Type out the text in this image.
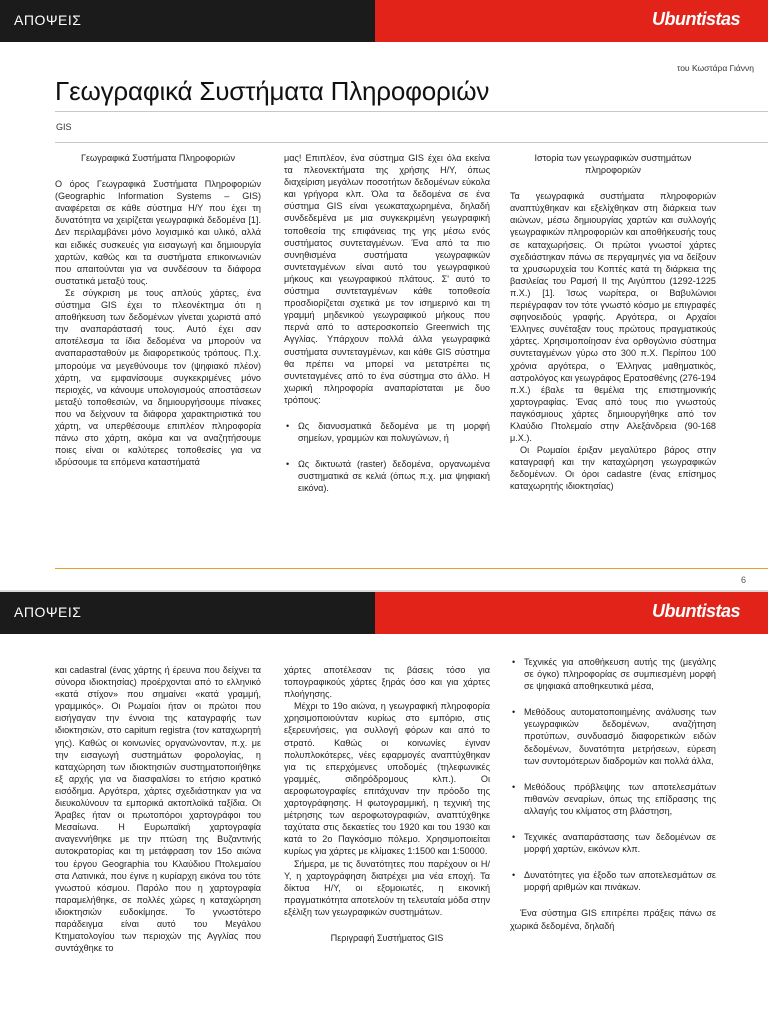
ΑΠΟΨΕΙΣ	Ubuntistas
του Κωστάρα Γιάννη
Γεωγραφικά Συστήματα Πληροφοριών
GIS

Γεωγραφικά Συστήματα Πληροφοριών

Ο όρος Γεωγραφικά Συστήματα Πληροφοριών (Geographic Information Systems – GIS) αναφέρεται σε κάθε σύστημα Η/Υ που έχει τη δυνατότητα να χειρίζεται γεωγραφικά δεδομένα [1]. Δεν περιλαμβάνει μόνο λογισμικό και υλικό, αλλά και ειδικές συσκευές για εισαγωγή και δημιουργία χαρτών, καθώς και τα συστήματα επικοινωνιών που απαιτούνται για να συνδέσουν τα διάφορα συστατικά μεταξύ τους.

Σε σύγκριση με τους απλούς χάρτες, ένα σύστημα GIS έχει το πλεονέκτημα ότι η αποθήκευση των δεδομένων γίνεται χωριστά από την αναπαράστασή τους. Αυτό έχει σαν αποτέλεσμα τα ίδια δεδομένα να μπορούν να αναπαρασταθούν με διαφορετικούς τρόπους. Π.χ. μπορούμε να μεγεθύνουμε τον (ψηφιακό πλέον) χάρτη, να εμφανίσουμε συγκεκριμένες μόνο περιοχές, να κάνουμε υπολογισμούς αποστάσεων μεταξύ τοποθεσιών, να δημιουργήσουμε πίνακες που να δείχνουν τα διάφορα χαρακτηριστικά του χάρτη, να υπερθέσουμε επιπλέον πληροφορία πάνω στο χάρτη, ακόμα και να αναζητήσουμε ποιες είναι οι καλύτερες τοποθεσίες για να ιδρύσουμε τα επόμενα καταστήματά

μας! Επιπλέον, ένα σύστημα GIS έχει όλα εκείνα τα πλεονεκτήματα της χρήσης Η/Υ, όπως διαχείριση μεγάλων ποσοτήτων δεδομένων εύκολα και γρήγορα κλπ. Όλα τα δεδομένα σε ένα σύστημα GIS είναι γεωκαταχωρημένα, δηλαδή συνδεδεμένα με μια συγκεκριμένη γεωγραφική τοποθεσία της επιφάνειας της γης μέσω ενός συστήματος συντεταγμένων. Ένα από τα πιο συνηθισμένα συστήματα γεωγραφικών συντεταγμένων είναι αυτό του γεωγραφικού μήκους και γεωγραφικού πλάτους. Σ' αυτό το σύστημα συντεταγμένων κάθε τοποθεσία προσδιορίζεται σχετικά με τον ισημερινό και τη γραμμή μηδενικού γεωγραφικού μήκους που περνά από το αστεροσκοπείο Greenwich της Αγγλίας. Υπάρχουν πολλά άλλα γεωγραφικά συστήματα συντεταγμένων, και κάθε GIS σύστημα θα πρέπει να μπορεί να μετατρέπει τις συντεταγμένες από το ένα σύστημα στο άλλο. Η χωρική πληροφορία αναπαρίσταται με δυο τρόπους:

• Ως διανυσματικά δεδομένα με τη μορφή σημείων, γραμμών και πολυγώνων, ή
• Ως δικτυωτά (raster) δεδομένα, οργανωμένα συστηματικά σε κελιά (όπως π.χ. μια ψηφιακή εικόνα).

Ιστορία των γεωγραφικών συστημάτων πληροφοριών

Τα γεωγραφικά συστήματα πληροφοριών αναπτύχθηκαν και εξελίχθηκαν στη διάρκεια των αιώνων, μέσω δημιουργίας χαρτών και συλλογής γεωγραφικών πληροφοριών και αποθήκευσής τους σε καταχωρήσεις. Οι πρώτοι γνωστοί χάρτες σχεδιάστηκαν πάνω σε περγαμηνές για να δείξουν τα χρυσωρυχεία του Κοπτές κατά τη διάρκεια της βασιλείας του Ραμσή ΙΙ της Αιγύπτου (1292-1225 π.Χ.) [1]. Ίσως νωρίτερα, οι Βαβυλώνιοι περιέγραφαν τον τότε γνωστό κόσμο με επιγραφές σφηνοειδούς γραφής. Αργότερα, οι Αρχαίοι Έλληνες συνέταξαν τους πρώτους πραγματικούς χάρτες. Χρησιμοποίησαν ένα ορθογώνιο σύστημα συντεταγμένων γύρω στο 300 π.Χ. Περίπου 100 χρόνια αργότερα, ο Έλληνας μαθηματικός, αστρολόγος και γεωγράφος Ερατοσθένης (276-194 π.Χ.) έβαλε τα θεμέλια της επιστημονικής χαρτογραφίας. Ένας από τους πιο γνωστούς παγκόσμιους χάρτες δημιουργήθηκε από τον Κλαύδιο Πτολεμαίο στην Αλεξάνδρεια (90-168 μ.Χ.).

Οι Ρωμαίοι έριξαν μεγαλύτερο βάρος στην καταγραφή και την καταχώρηση γεωγραφικών δεδομένων. Οι όροι cadastre (ένας επίσημος καταχωρητής ιδιοκτησίας)

6
ΑΠΟΨΕΙΣ	Ubuntistas

και cadastral (ένας χάρτης ή έρευνα που δείχνει τα σύνορα ιδιοκτησίας) προέρχονται από το ελληνικό «κατά στίχον» που σημαίνει «κατά γραμμή, γραμμικός». Οι Ρωμαίοι ήταν οι πρώτοι που εισήγαγαν την έννοια της καταγραφής των ιδιοκτησιών, στο capitum registra (τον καταχωρητή γης). Καθώς οι κοινωνίες οργανώνονταν, π.χ. με την εισαγωγή συστημάτων φορολογίας, η καταχώρηση των ιδιοκτησιών συστηματοποιήθηκε εξ αρχής για να διασφαλίσει το ετήσιο κρατικό εισόδημα. Αργότερα, χάρτες σχεδιάστηκαν για να διευκολύνουν τα εμπορικά ακτοπλοϊκά ταξίδια. Οι Άραβες ήταν οι πρωτοπόροι χαρτογράφοι του Μεσαίωνα. Η Ευρωπαϊκή χαρτογραφία αναγεννήθηκε με την πτώση της Βυζαντινής αυτοκρατορίας και τη μετάφραση τον 15ο αιώνα του έργου Geographia του Κλαύδιου Πτολεμαίου στα Λατινικά, που έγινε η κυρίαρχη εικόνα του τότε γνωστού κόσμου. Παρόλο που η χαρτογραφία παραμελήθηκε, σε πολλές χώρες η καταχώρηση ιδιοκτησιών ευδοκίμησε. Το γνωστότερο παράδειγμα είναι αυτό του Μεγάλου Κτηματολογίου των περιοχών της Αγγλίας που συντάχθηκε το

χάρτες αποτέλεσαν τις βάσεις τόσο για τοπογραφικούς χάρτες ξηράς όσο και για χάρτες πλοήγησης.

Μέχρι το 19ο αιώνα, η γεωγραφική πληροφορία χρησιμοποιούνταν κυρίως στο εμπόριο, στις εξερευνήσεις, για συλλογή φόρων και από το στρατό. Καθώς οι κοινωνίες έγιναν πολυπλοκότερες, νέες εφαρμογές αναπτύχθηκαν για τις επερχόμενες υποδομές (τηλεφωνικές γραμμές, σιδηρόδρομους κλπ.). Οι αεροφωτογραφίες επιτάχυναν την πρόοδο της χαρτογράφησης. Η φωτογραμμική, η τεχνική της μέτρησης των αεροφωτογραφιών, αναπτύχθηκε ταχύτατα στις δεκαετίες του 1920 και του 1930 και κατά το 2ο Παγκόσμιο πόλεμο. Χρησιμοποιείται κυρίως για χάρτες με κλίμακες 1:1500 και 1:50000.

Σήμερα, με τις δυνατότητες που παρέχουν οι Η/Υ, η χαρτογράφηση διατρέχει μια νέα εποχή. Τα δίκτυα Η/Υ, οι εξομοιωτές, η εικονική πραγματικότητα αποτελούν τη τελευταία μόδα στην εξέλιξη των γεωγραφικών συστημάτων.

Περιγραφή Συστήματος GIS

• Τεχνικές για αποθήκευση αυτής της (μεγάλης σε όγκο) πληροφορίας σε συμπιεσμένη μορφή σε ψηφιακά αποθηκευτικά μέσα,
• Μεθόδους αυτοματοποιημένης ανάλυσης των γεωγραφικών δεδομένων, αναζήτηση προτύπων, συνδυασμό διαφορετικών ειδών δεδομένων, δυνατότητα μετρήσεων, εύρεση των συντομότερων διαδρομών και πολλά άλλα,
• Μεθόδους πρόβλεψης των αποτελεσμάτων πιθανών σεναρίων, όπως της επίδρασης της αλλαγής του κλίματος στη βλάστηση,
• Τεχνικές αναπαράστασης των δεδομένων σε μορφή χαρτών, εικόνων κλπ.
• Δυνατότητες για έξοδο των αποτελεσμάτων σε μορφή αριθμών και πινάκων.

Ένα σύστημα GIS επιτρέπει πράξεις πάνω σε χωρικά δεδομένα, δηλαδή
